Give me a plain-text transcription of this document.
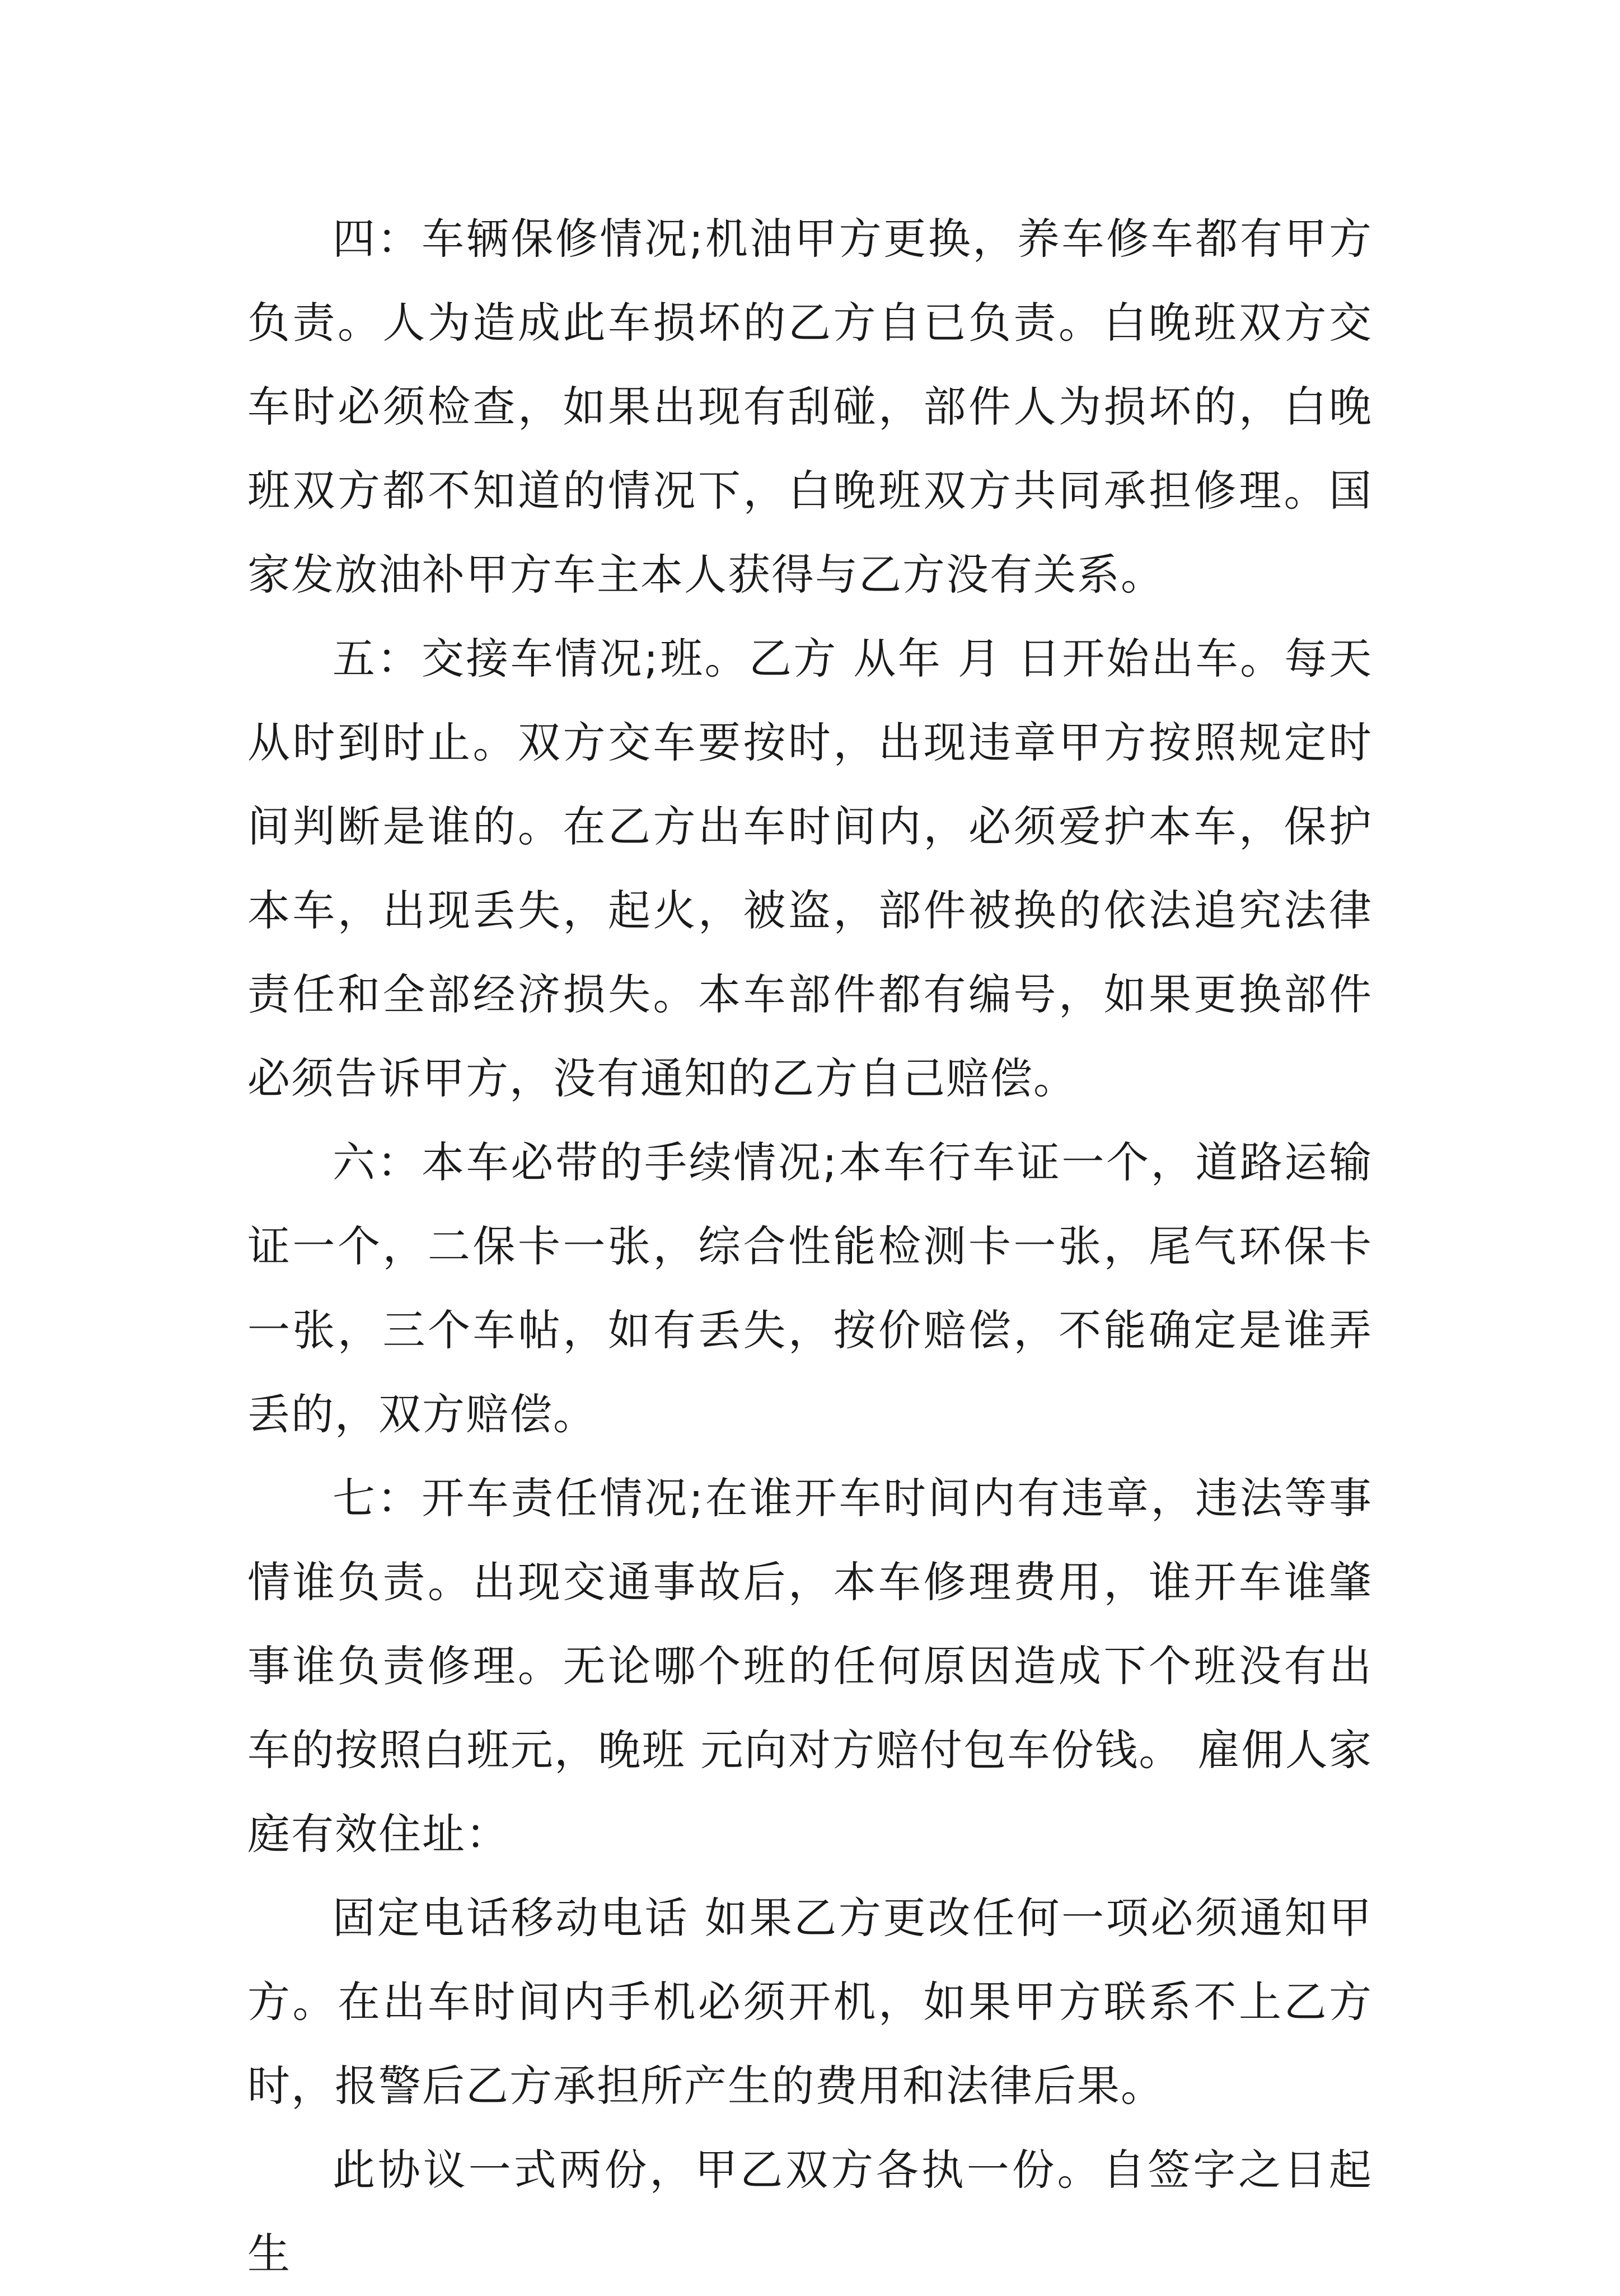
四：车辆保修情况;机油甲方更换，养车修车都有甲方负责。人为造成此车损坏的乙方自已负责。白晚班双方交车时必须检查，如果出现有刮碰，部件人为损坏的，白晚班双方都不知道的情况下，白晚班双方共同承担修理。国家发放油补甲方车主本人获得与乙方没有关系。

五：交接车情况;班。乙方 从年 月 日开始出车。每天从时到时止。双方交车要按时，出现违章甲方按照规定时间判断是谁的。在乙方出车时间内，必须爱护本车，保护本车，出现丢失，起火，被盗，部件被换的依法追究法律责任和全部经济损失。本车部件都有编号，如果更换部件必须告诉甲方，没有通知的乙方自己赔偿。

六：本车必带的手续情况;本车行车证一个，道路运输证一个，二保卡一张，综合性能检测卡一张，尾气环保卡一张，三个车帖，如有丢失，按价赔偿，不能确定是谁弄丢的，双方赔偿。

七：开车责任情况;在谁开车时间内有违章，违法等事情谁负责。出现交通事故后，本车修理费用，谁开车谁肇事谁负责修理。无论哪个班的任何原因造成下个班没有出车的按照白班元，晚班 元向对方赔付包车份钱。 雇佣人家庭有效住址：

固定电话移动电话 如果乙方更改任何一项必须通知甲方。在出车时间内手机必须开机，如果甲方联系不上乙方时，报警后乙方承担所产生的费用和法律后果。

此协议一式两份，甲乙双方各执一份。自签字之日起生
